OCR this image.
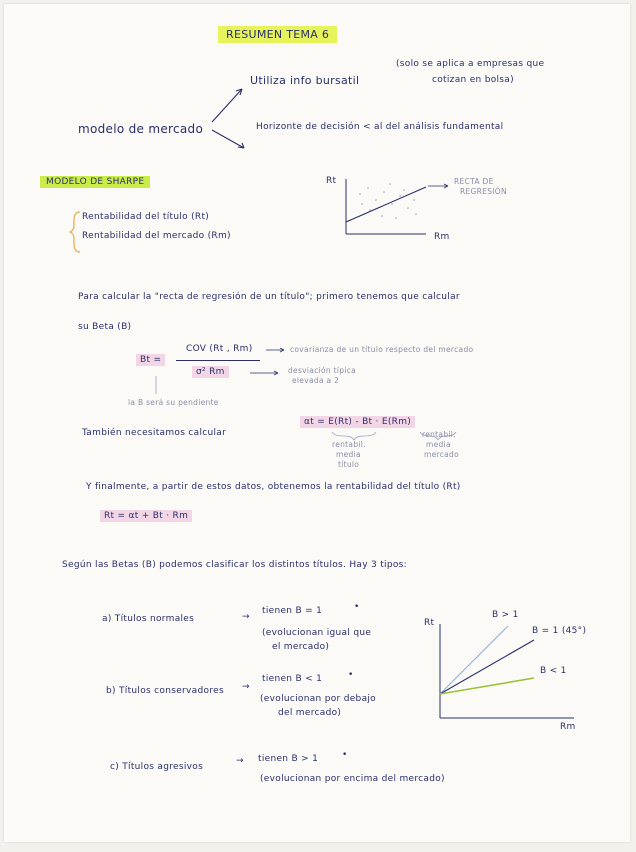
RESUMEN TEMA 6
modelo de mercado
Utiliza info bursatil
(solo se aplica a empresas que
cotizan en bolsa)
Horizonte de decisión < al del análisis fundamental
MODELO DE SHARPE
Rentabilidad del título (Rt)
Rentabilidad del mercado (Rm)
Rt
Rm
RECTA DE
REGRESIÓN
Para calcular la "recta de regresión de un título"; primero tenemos que calcular
su Beta (B)
Bt =
COV (Rt , Rm)
σ² Rm
covarianza de un título respecto del mercado
desviación típica
elevada a 2
la B será su pendiente
También necesitamos calcular
αt = E(Rt) - Bt · E(Rm)
rentabil.
media
título
rentabil.
media
mercado
Y finalmente, a partir de estos datos, obtenemos la rentabilidad del título (Rt)
Rt = αt + Bt · Rm
Según las Betas (B) podemos clasificar los distintos títulos. Hay 3 tipos:
a) Títulos normales	→
tienen B = 1	•
(evolucionan igual que
el mercado)
b) Títulos conservadores →
tienen B < 1	•
(evolucionan por debajo
del mercado)
c) Títulos agresivos
→ tienen B > 1	•
(evolucionan por encima del mercado)
Rt
Rm
B > 1
B = 1 (45°)
B < 1
